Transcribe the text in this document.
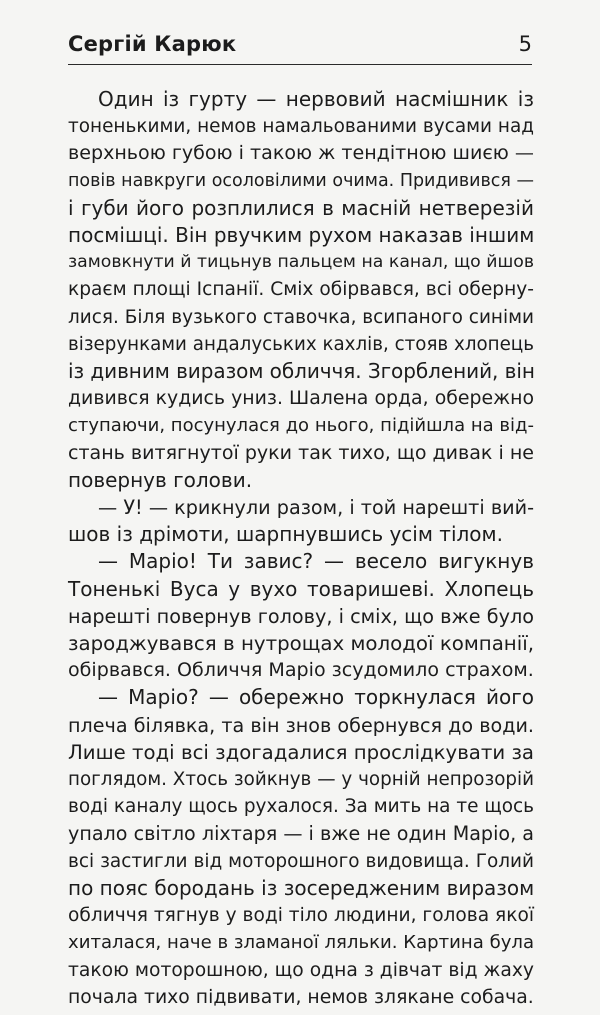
Сергій Карюк	5
Один із гурту — нервовий насмішник із
тоненькими, немов намальованими вусами над
верхньою губою і такою ж тендітною шиєю —
повів навкруги осоловілими очима. Придивився —
і губи його розплилися в масній нетверезій
посмішці. Він рвучким рухом наказав іншим
замовкнути й тицьнув пальцем на канал, що йшов
краєм площі Іспанії. Сміх обірвався, всі оберну-
лися. Біля вузького ставочка, всипаного синіми
візерунками андалуських кахлів, стояв хлопець
із дивним виразом обличчя. Згорблений, він
дивився кудись униз. Шалена орда, обережно
ступаючи, посунулася до нього, підійшла на від-
стань витягнутої руки так тихо, що дивак і не
повернув голови.
— У! — крикнули разом, і той нарешті вий-
шов із дрімоти, шарпнувшись усім тілом.
— Маріо! Ти завис? — весело вигукнув
Тоненькі Вуса у вухо товаришеві. Хлопець
нарешті повернув голову, і сміх, що вже було
зароджувався в нутрощах молодої компанії,
обірвався. Обличчя Маріо зсудомило страхом.
— Маріо? — обережно торкнулася його
плеча білявка, та він знов обернувся до води.
Лише тоді всі здогадалися прослідкувати за
поглядом. Хтось зойкнув — у чорній непрозорій
воді каналу щось рухалося. За мить на те щось
упало світло ліхтаря — і вже не один Маріо, а
всі застигли від моторошного видовища. Голий
по пояс бородань із зосередженим виразом
обличчя тягнув у воді тіло людини, голова якої
хиталася, наче в зламаної ляльки. Картина була
такою моторошною, що одна з дівчат від жаху
почала тихо підвивати, немов злякане собача.
